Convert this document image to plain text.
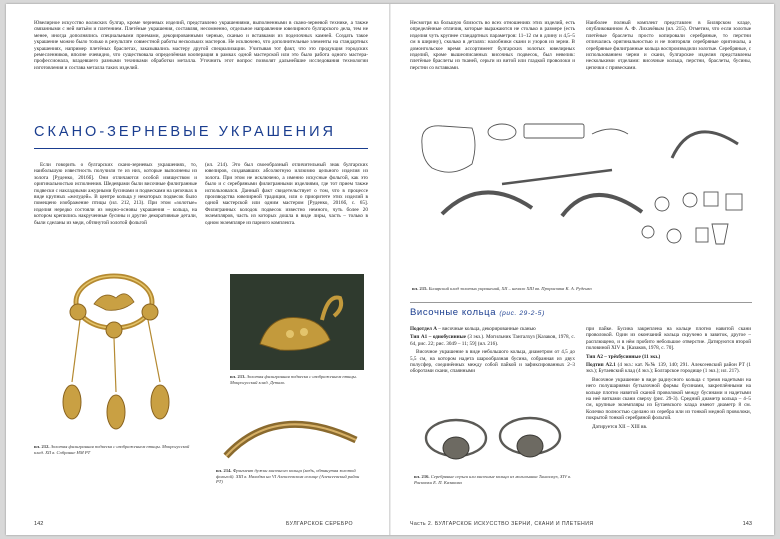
Ювелирное искусство волжских булгар, кроме черневых изделий, представлено украшениями, выполненными в скано-зерневой технике, а также связанными с ней витьём и плетением. Плетёные украшения, составляя, несомненно, отдельное направление ювелирного булгарского дела, тем не менее, иногда дополнялись специальными приемами, декорированными чернью, сканью и вставками из поделочных камней. Создать такое украшение можно было только в результате совместной работы нескольких мастеров. Не исключено, что дополнительные элементы на стандартных украшениях, например плетёных браслетах, заказывались мастеру другой специализации. Учитывая тот факт, что это продукция городских ремесленников, вполне очевидно, что существовала определённая кооперация в рамках одной мастерской или это было работа одного мастера-профессионала, владевшего разными техниками обработки металла. Уточнить этот вопрос позволят дальнейшие исследования технологии изготовления и состава металла таких изделий.

СКАНО-ЗЕРНЕВЫЕ УКРАШЕНИЯ

Если говорить о булгарских скано-зерневых украшениях, то, наибольшую известность получили те из них, которые выполнены из золота [Руденко, 2016б]. Они отличаются особой изяществом и оригинальностью исполнения. Шедеврами были височные филигранные подвески с накладными ажурными бусинами и подвесками на цепочках в виде крупных «желудей». В центре кольца у некоторых подвесок было помещено изображение птицы (ил. 212, 213). При этом «золотые» изделия нередко состояли из медно-основы украшения – кольца, на котором крепились накрученные бусины и другие декоративные детали, были сделаны из меди, обтянутой золотой фольгой

(ил. 214). Это был своеобразный отличительный знак булгарских ювелиров, создававших абсолютную иллюзию цельного изделия из золота. При этом не исключено, а именно искусные фольгой, как это было и с серебряными филигранными изделиями, где тот прием также использовался. Данный факт свидетельствует о том, что в процессе производства ювелирной традиции, или о приоритете этих изделий в одной мастерской или одним мастером [Руденко, 2016б, с. 65]. Филигранных колодок подвесок известно немного, чуть более 20 экземпляров, часть из которых дошла в виде лиры, часть – только в одном экземпляре из парного комплекта.

ил. 212. Золотая филигранная подвеска с изображением птицы. Мокрогусской клад. XII в. Собрание НМ РТ
ил. 213. Золотая филигранная подвеска с изображением птицы. Мокрогусский клад. Деталь
ил. 214. Фрагмент дужки височного кольца (медь, обтянутая золотой фольгой). XIII в. Находка на VI Алексеевском селище (Алексеевский район РТ)
142	БУЛГАРСКОЕ СЕРЕБРО

Несмотря на большую близость во всех отношениях этих изделий, есть определённые отличия, которые выражаются не столько в размере (есть изделия чуть крупнее стандартных параметров: 11–12 см в длину и 4,5–5 см в ширину), сколько в деталях: налобники скани и узоров из зерни. В домонгольское время ассортимент булгарских золотых ювелирных изделий, кроме вышеописанных височных подвесок, был невелик: плетёные браслеты из тканей, серьги из витой или гладкой проволоки и перстни со вставками.

Наиболее полный комплект представлен в Билярском кладе, опубликованном А. Ф. Лихачёвым (ил. 215). Отметим, что если золотые плетёные браслеты просто копировали серебряные, то перстни отличались оригинальностью и не повторяли серебряные оригиналы, а серебряные филигранные кольца воспроизводили золотые. Серебряные, с использованием черни и скани, булгарские изделия представлены несколькими отделами: височные кольца, перстни, браслеты, бусины, цепочки с привесками.

ил. 215. Билярский клад золотых украшений, XII – начало XIII вв. Прорисовка К. А. Руденко
Височные кольца (рис. 29-2-5)

Подотдел А – височные кольца, декорированные сканью

Тип А1 – одиобусинные (3 экз.). Могильник Тангалхуз [Казаков, 1978, с. 64, рис. 22; рис. 3049 – 11; 59] (ил. 216).

Височное украшение в виде небольшого кольца, диаметром от 4,5 до 5,5 см, на котором надета шарообразная бусина, собранная из двух полусфер, соединённых между собой пайкой и зафиксированных 2–3 оборотами скани, спаянными

ил. 216. Серебряные серьги или височные кольца из могильника Тангалхуз, XIV в. Раскопки Е. П. Казакова

при пайке. Бусина закреплена на кольце плотно навитой скани проволокой. Один из окончаний кольца скручено в завиток, другое – расплющено, и в нём пробито небольшое отверстие. Датируются второй половиной XIV в. [Казаков, 1978, с. 70].

Тип А2 – трёхбусинные (11 экз.)

Подтип А2.1 (4 экз.: кат. №№ 139, 140; 291. Алексеевский район РТ (1 экз.); Бутаевский клад (4 экз.); Болгарское городище (1 экз.); ил. 217).

Височное украшение в виде радиусного кольца с тремя надетыми на него полушариями бутылочной формы бусинами, закреплёнными на кольце плотно навитой сканой проволокой между бусинами и надетыми на неё витками скани сверху (рис. 29-3). Средний диаметр кольца – 4–5 см, крупные экземпляры из Бутаевского клада имеют диаметр 8 см. Колечко полностью сделано из серебра или из тонкой медной проволоки, покрытой тонкой серебряной фольгой.

Датируется XII – XIII вв.

Часть 2. БУЛГАРСКОЕ ИСКУССТВО ЗЕРНИ, СКАНИ И ПЛЕТЕНИЯ	143
